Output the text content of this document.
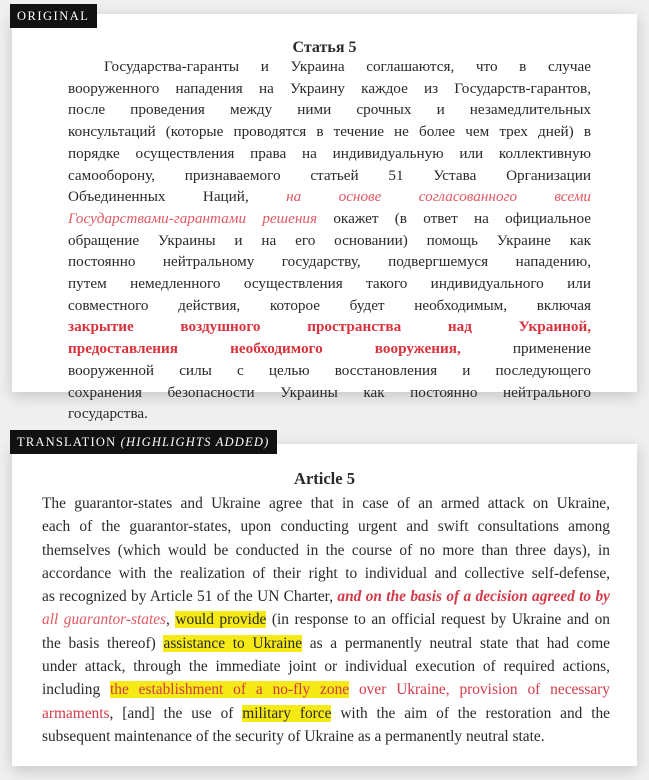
Статья 5
Государства-гаранты и Украина соглашаются, что в случае
вооруженного нападения на Украину каждое из Государств-гарантов,
после проведения между ними срочных и незамедлительных
консультаций (которые проводятся в течение не более чем трех дней) в
порядке осуществления права на индивидуальную или коллективную
самооборону, признаваемого статьей 51 Устава Организации
Объединенных Наций, на основе согласованного всеми
Государствами-гарантами решения окажет (в ответ на официальное
обращение Украины и на его основании) помощь Украине как
постоянно нейтральному государству, подвергшемуся нападению,
путем немедленного осуществления такого индивидуального или
совместного действия, которое будет необходимым, включая
закрытие воздушного пространства над Украиной,
предоставления необходимого вооружения, применение
вооруженной силы с целью восстановления и последующего
сохранения безопасности Украины как постоянно нейтрального
государства.
ORIGINAL
Article 5
The guarantor-states and Ukraine agree that in case of an armed attack on Ukraine,
each of the guarantor-states, upon conducting urgent and swift consultations among
themselves (which would be conducted in the course of no more than three days), in
accordance with the realization of their right to individual and collective self-defense,
as recognized by Article 51 of the UN Charter, and on the basis of a decision agreed to by
all guarantor-states, would provide (in response to an official request by Ukraine and on
the basis thereof) assistance to Ukraine as a permanently neutral state that had come
under attack, through the immediate joint or individual execution of required actions,
including the establishment of a no-fly zone over Ukraine, provision of necessary
armaments, [and] the use of military force with the aim of the restoration and the
subsequent maintenance of the security of Ukraine as a permanently neutral state.
TRANSLATION (HIGHLIGHTS ADDED)
